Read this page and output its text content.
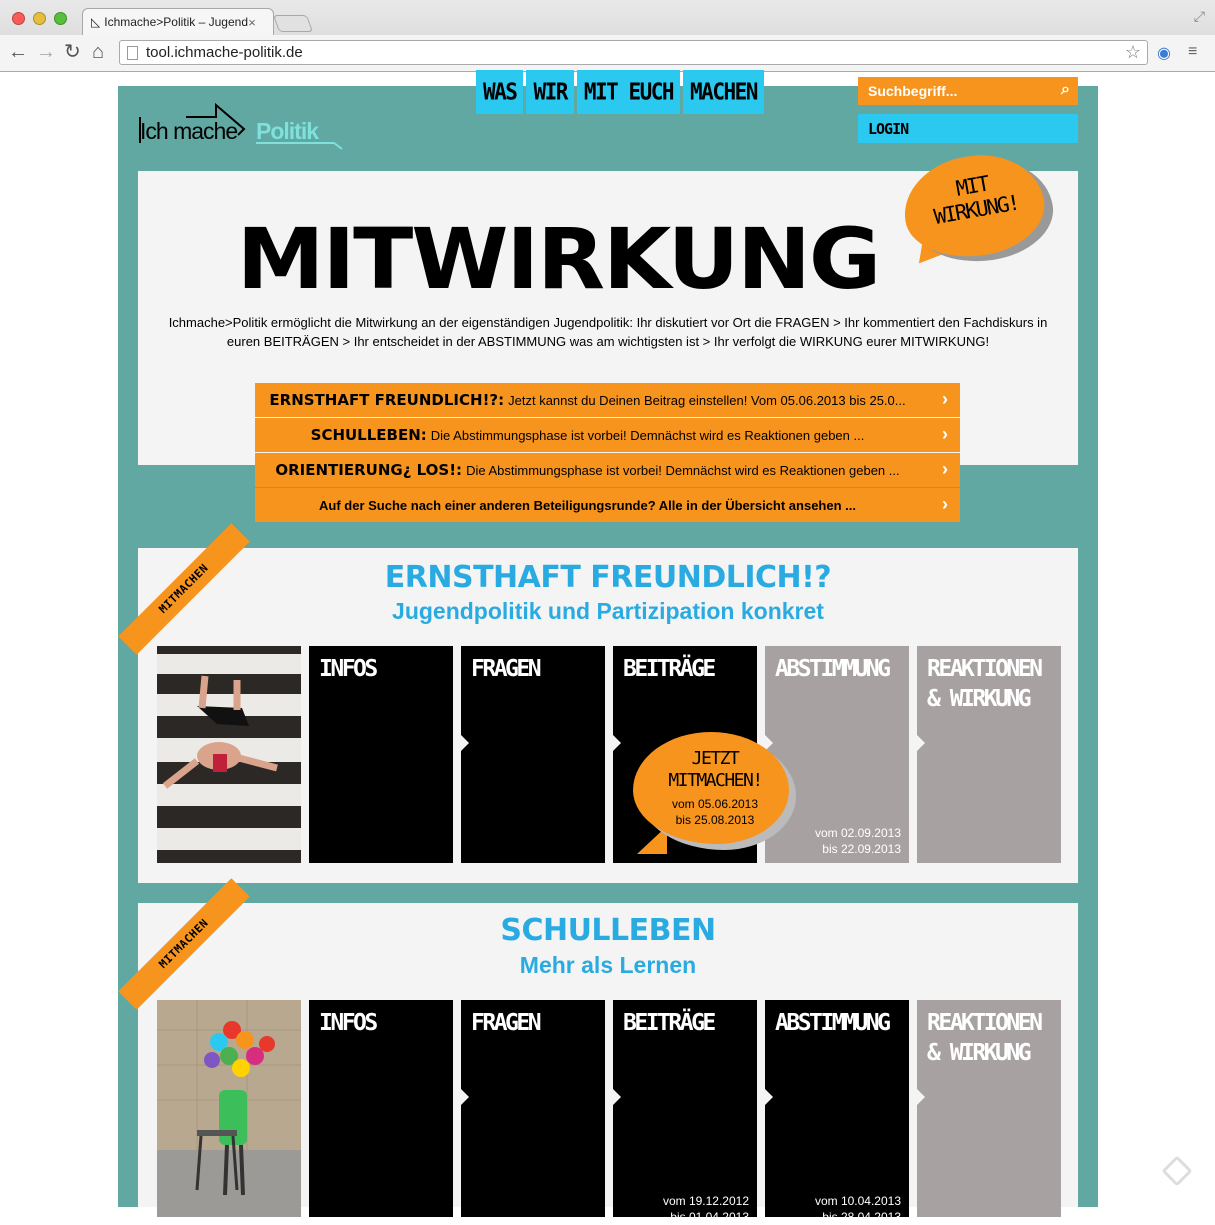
◺ Ichmache>Politik – Jugend ×	⤢
← → ↻ ⌂	tool.ichmache-politik.de	☆ ◉ ≡
WAS WIR MIT EUCH MACHEN	Suchbegriff...	⌕
LOGIN
Ich mache Politik
MITWIRKUNG

Ichmache>Politik ermöglicht die Mitwirkung an der eigenständigen Jugendpolitik: Ihr diskutiert vor Ort die FRAGEN > Ihr kommentiert den Fachdiskurs in euren BEITRÄGEN > Ihr entscheidet in der ABSTIMMUNG was am wichtigsten ist > Ihr verfolgt die WIRKUNG eurer MITWIRKUNG!

MIT WIRKUNG!
ERNSTHAFT FREUNDLICH!?: Jetzt kannst du Deinen Beitrag einstellen! Vom 05.06.2013 bis 25.0... ›
SCHULLEBEN: Die Abstimmungsphase ist vorbei! Demnächst wird es Reaktionen geben ...	›
ORIENTIERUNG¿ LOS!: Die Abstimmungsphase ist vorbei! Demnächst wird es Reaktionen geben ... ›
Auf der Suche nach einer anderen Beteiligungsrunde? Alle in der Übersicht ansehen ...	›
MITMACHEN	ERNSTHAFT FREUNDLICH!?
Jugendpolitik und Partizipation konkret
INFOS	FRAGEN	BEITRÄGE	ABSTIMMUNG
vom 02.09.2013
bis 22.09.2013
REAKTIONEN & WIRKUNG
JETZT MITMACHEN!
vom 05.06.2013
bis 25.08.2013
MITMACHEN	SCHULLEBEN
Mehr als Lernen
INFOS	FRAGEN	BEITRÄGE
vom 19.12.2012
bis 01.04.2013
ABSTIMMUNG
vom 10.04.2013
bis 28.04.2013
REAKTIONEN & WIRKUNG
